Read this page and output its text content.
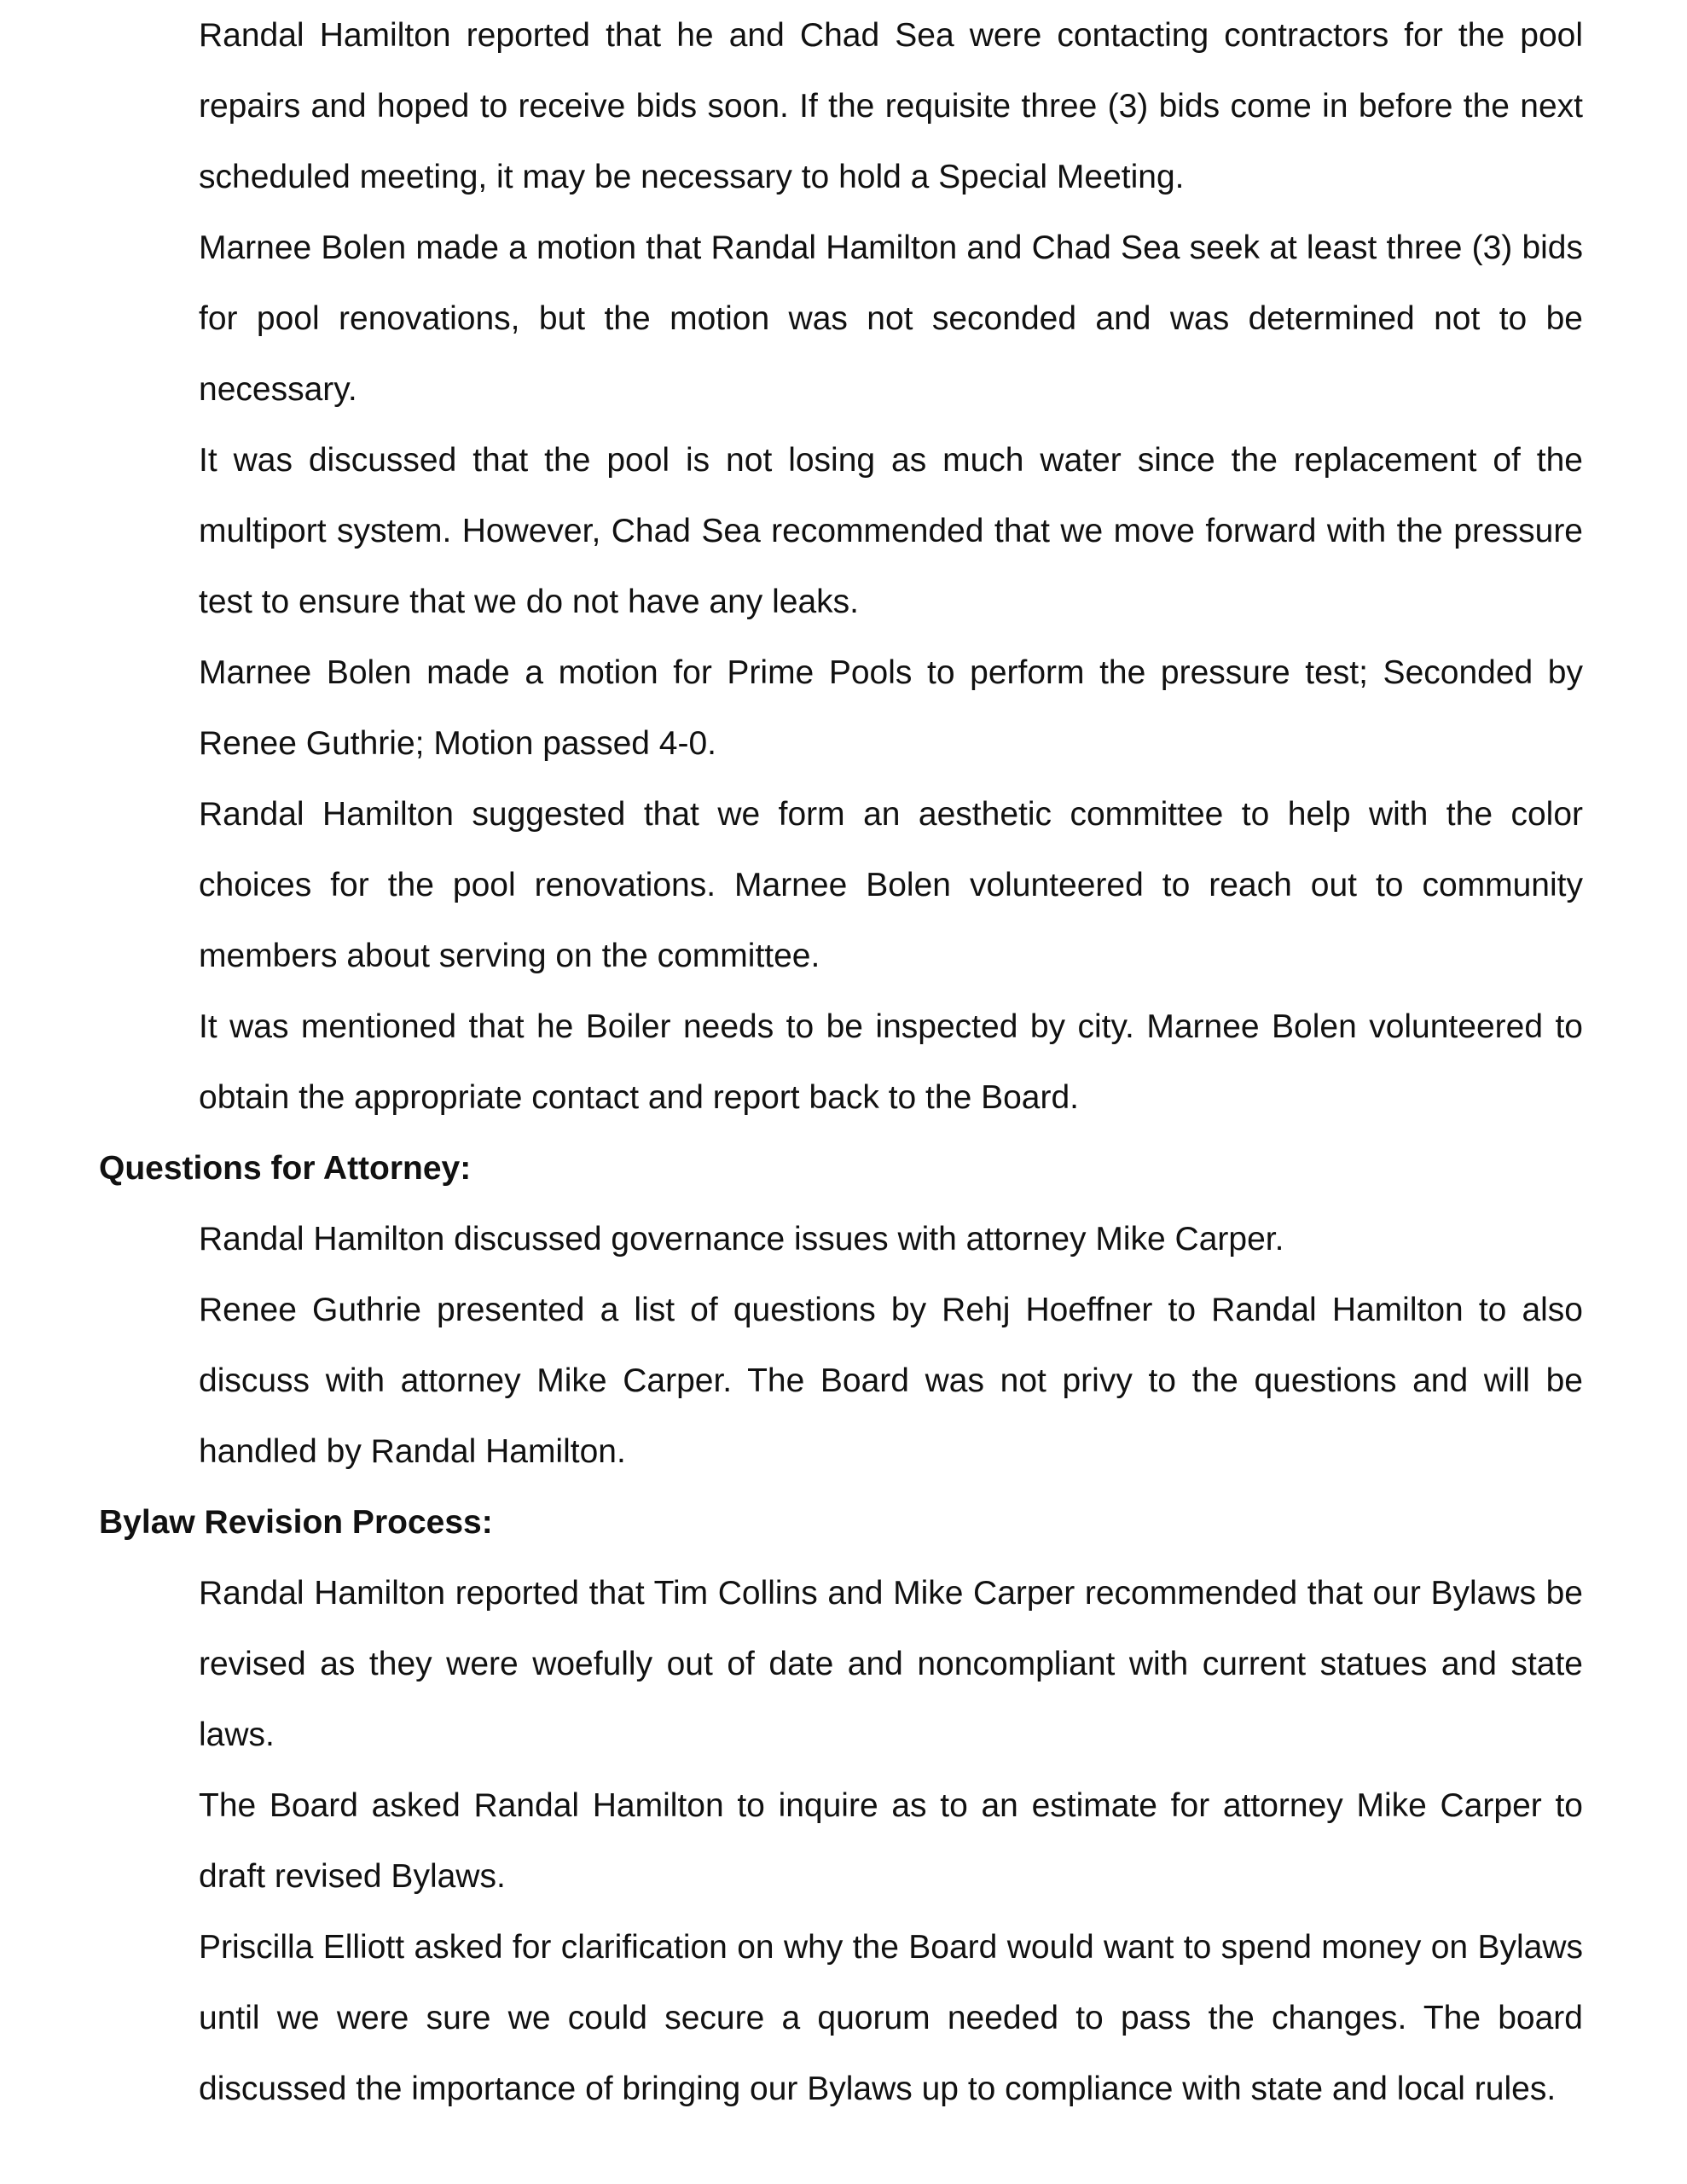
Randal Hamilton reported that he and Chad Sea were contacting contractors for the pool repairs and hoped to receive bids soon. If the requisite three (3) bids come in before the next scheduled meeting, it may be necessary to hold a Special Meeting.

Marnee Bolen made a motion that Randal Hamilton and Chad Sea seek at least three (3) bids for pool renovations, but the motion was not seconded and was determined not to be necessary.

It was discussed that the pool is not losing as much water since the replacement of the multiport system. However, Chad Sea recommended that we move forward with the pressure test to ensure that we do not have any leaks.

Marnee Bolen made a motion for Prime Pools to perform the pressure test; Seconded by Renee Guthrie; Motion passed 4-0.

Randal Hamilton suggested that we form an aesthetic committee to help with the color choices for the pool renovations. Marnee Bolen volunteered to reach out to community members about serving on the committee.

It was mentioned that he Boiler needs to be inspected by city. Marnee Bolen volunteered to obtain the appropriate contact and report back to the Board.

Questions for Attorney:

Randal Hamilton discussed governance issues with attorney Mike Carper.

Renee Guthrie presented a list of questions by Rehj Hoeffner to Randal Hamilton to also discuss with attorney Mike Carper. The Board was not privy to the questions and will be handled by Randal Hamilton.

Bylaw Revision Process:

Randal Hamilton reported that Tim Collins and Mike Carper recommended that our Bylaws be revised as they were woefully out of date and noncompliant with current statues and state laws.

The Board asked Randal Hamilton to inquire as to an estimate for attorney Mike Carper to draft revised Bylaws.

Priscilla Elliott asked for clarification on why the Board would want to spend money on Bylaws until we were sure we could secure a quorum needed to pass the changes. The board discussed the importance of bringing our Bylaws up to compliance with state and local rules.
